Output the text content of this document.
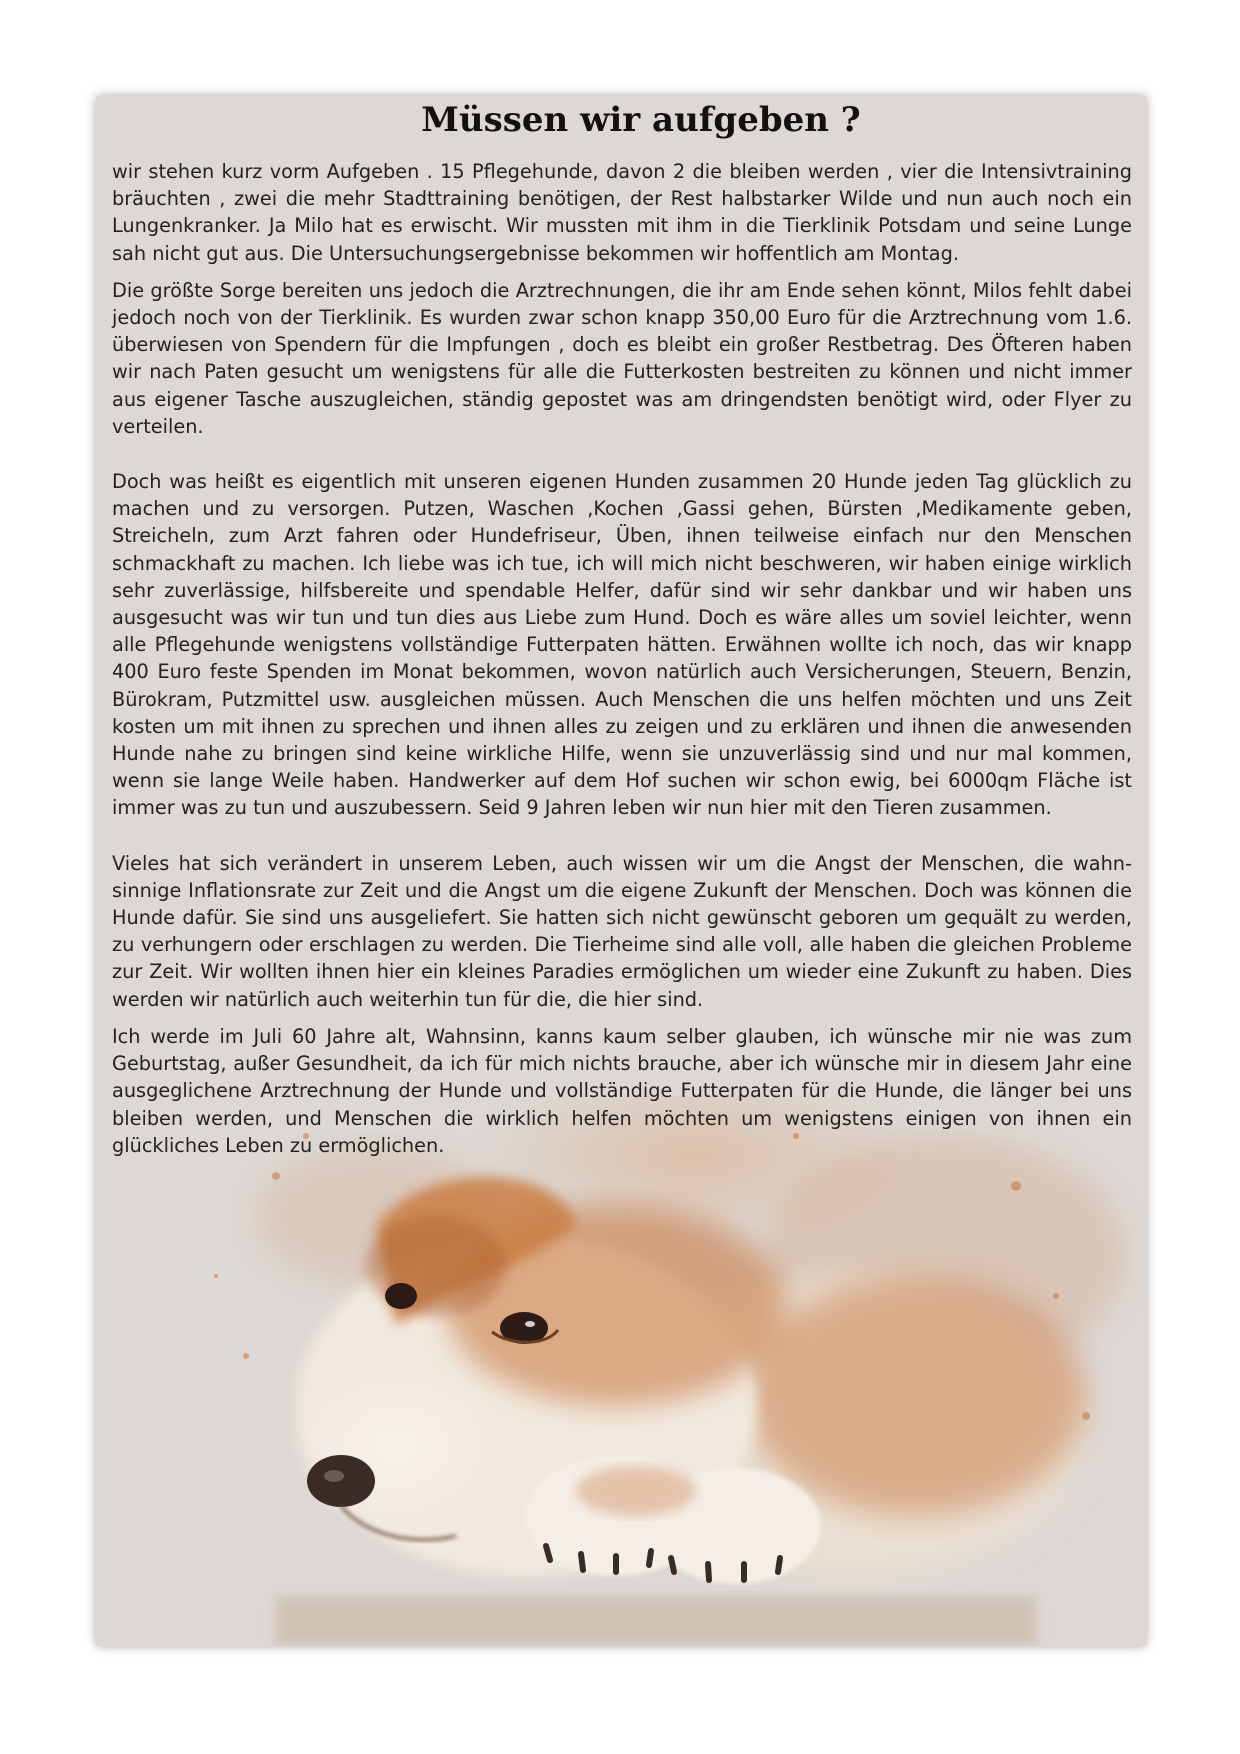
Müssen wir aufgeben ?

wir stehen kurz vorm Aufgeben . 15 Pflegehunde, davon 2 die bleiben werden , vier die Intensivtraining bräuchten , zwei die mehr Stadttraining benötigen, der Rest halbstarker Wilde und nun auch noch ein Lungenkranker. Ja Milo hat es erwischt. Wir mussten mit ihm in die Tierklinik Potsdam und seine Lunge sah nicht gut aus. Die Untersuchungsergebnisse bekommen wir hoffentlich am Montag.

Die größte Sorge bereiten uns jedoch die Arztrechnungen, die ihr am Ende sehen könnt, Milos fehlt dabei jedoch noch von der Tierklinik. Es wurden zwar schon knapp 350,00 Euro für die Arztrechnung vom 1.6. überwiesen von Spendern für die Impfungen , doch es bleibt ein großer Restbetrag. Des Öfteren haben wir nach Paten gesucht um wenigstens für alle die Futterkosten bestreiten zu können und nicht immer aus eigener Tasche auszugleichen, ständig gepostet was am dringendsten benötigt wird, oder Flyer zu verteilen.

Doch was heißt es eigentlich mit unseren eigenen Hunden zusammen 20 Hunde jeden Tag glücklich zu machen und zu versorgen. Putzen, Waschen ,Kochen ,Gassi gehen, Bürsten ,Medikamente geben, Streicheln, zum Arzt fahren oder Hundefriseur, Üben, ihnen teilweise einfach nur den Menschen schmackhaft zu machen. Ich liebe was ich tue, ich will mich nicht beschweren, wir haben einige wirklich sehr zuverlässige, hilfsbereite und spendable Helfer, dafür sind wir sehr dankbar und wir haben uns ausgesucht was wir tun und tun dies aus Liebe zum Hund. Doch es wäre alles um soviel leichter, wenn alle Pflegehunde wenigstens vollständige Futterpaten hätten. Erwähnen wollte ich noch, das wir knapp 400 Euro feste Spenden im Monat bekommen, wovon natürlich auch Versicherungen, Steuern, Benzin, Bürokram, Putzmittel usw. ausgleichen müssen. Auch Menschen die uns helfen möchten und uns Zeit kosten um mit ihnen zu sprechen und ihnen alles zu zeigen und zu erklären und ihnen die anwesenden Hunde nahe zu bringen sind keine wirkliche Hilfe, wenn sie unzuverlässig sind und nur mal kommen, wenn sie lange Weile haben. Handwerker auf dem Hof suchen wir schon ewig, bei 6000qm Fläche ist immer was zu tun und auszubessern. Seid 9 Jahren leben wir nun hier mit den Tieren zusammen.

Vieles hat sich verändert in unserem Leben, auch wissen wir um die Angst der Menschen, die wahnsinnige Inflationsrate zur Zeit und die Angst um die eigene Zukunft der Menschen. Doch was können die Hunde dafür. Sie sind uns ausgeliefert. Sie hatten sich nicht gewünscht geboren um gequält zu werden, zu verhungern oder erschlagen zu werden. Die Tierheime sind alle voll, alle haben die gleichen Probleme zur Zeit. Wir wollten ihnen hier ein kleines Paradies ermöglichen um wieder eine Zukunft zu haben. Dies werden wir natürlich auch weiterhin tun für die, die hier sind.

Ich werde im Juli 60 Jahre alt, Wahnsinn, kanns kaum selber glauben, ich wünsche mir nie was zum Geburtstag, außer Gesundheit, da ich für mich nichts brauche, aber ich wünsche mir in diesem Jahr eine ausgeglichene Arztrechnung der Hunde und vollständige Futterpaten für die Hunde, die länger bei uns bleiben werden, und Menschen die wirklich helfen möchten um wenigstens einigen von ihnen ein glückliches Leben zu ermöglichen.
